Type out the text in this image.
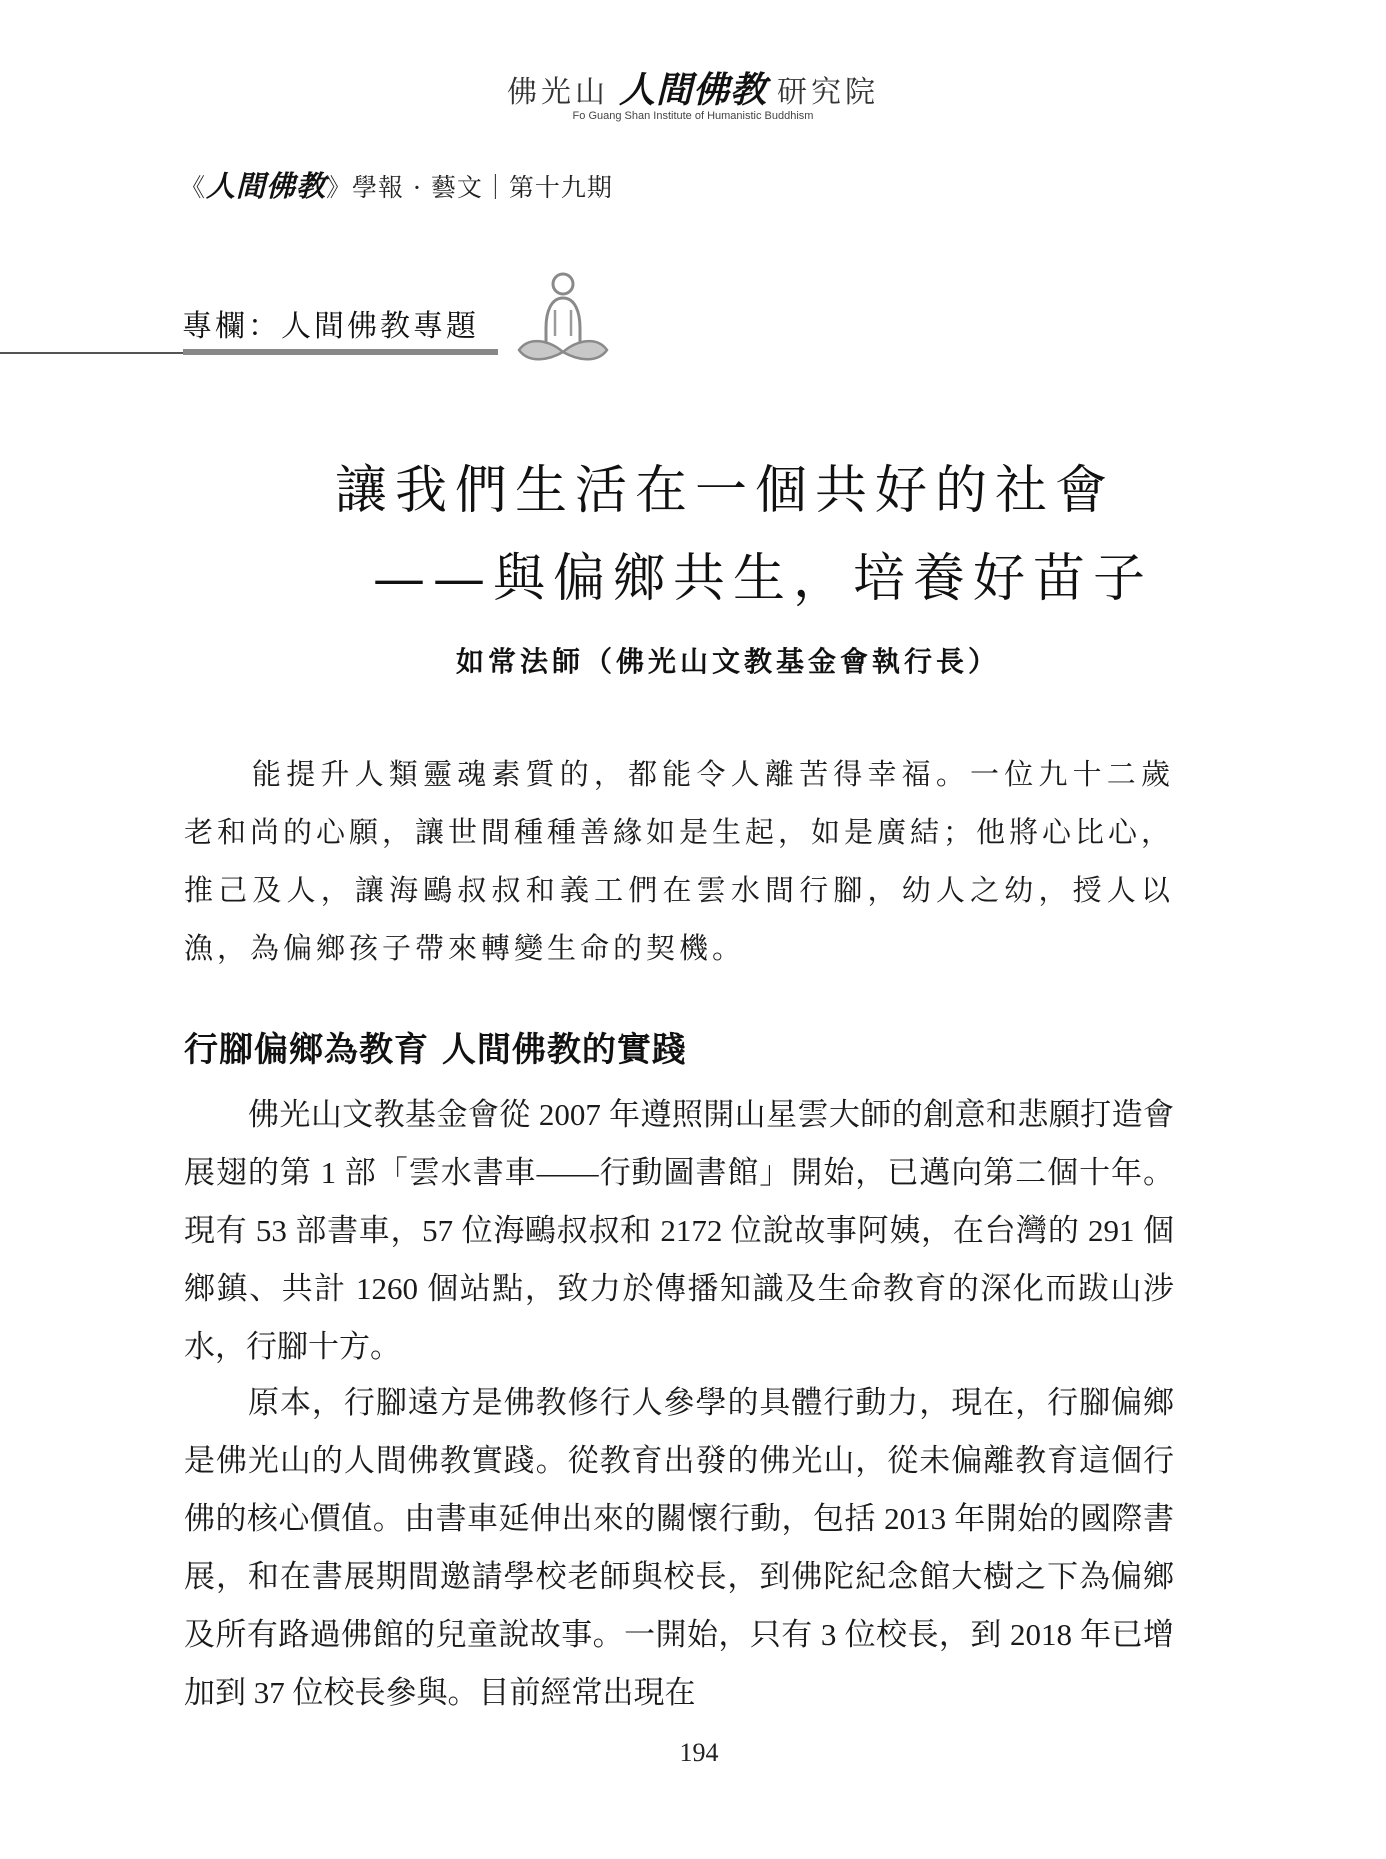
佛光山 人間佛教 研究院
Fo Guang Shan Institute of Humanistic Buddhism
《人間佛教》學報 · 藝文｜第十九期
專欄：人間佛教專題
讓我們生活在一個共好的社會
——與偏鄉共生，培養好苗子
如常法師（佛光山文教基金會執行長）
能提升人類靈魂素質的，都能令人離苦得幸福。一位九十二歲老和尚的心願，讓世間種種善緣如是生起，如是廣結；他將心比心，推己及人，讓海鷗叔叔和義工們在雲水間行腳，幼人之幼，授人以漁，為偏鄉孩子帶來轉變生命的契機。
行腳偏鄉為教育 人間佛教的實踐
佛光山文教基金會從 2007 年遵照開山星雲大師的創意和悲願打造會展翅的第 1 部「雲水書車——行動圖書館」開始，已邁向第二個十年。現有 53 部書車，57 位海鷗叔叔和 2172 位說故事阿姨，在台灣的 291 個鄉鎮、共計 1260 個站點，致力於傳播知識及生命教育的深化而跋山涉水，行腳十方。
原本，行腳遠方是佛教修行人參學的具體行動力，現在，行腳偏鄉是佛光山的人間佛教實踐。從教育出發的佛光山，從未偏離教育這個行佛的核心價值。由書車延伸出來的關懷行動，包括 2013 年開始的國際書展，和在書展期間邀請學校老師與校長，到佛陀紀念館大樹之下為偏鄉及所有路過佛館的兒童說故事。一開始，只有 3 位校長，到 2018 年已增加到 37 位校長參與。目前經常出現在
194
